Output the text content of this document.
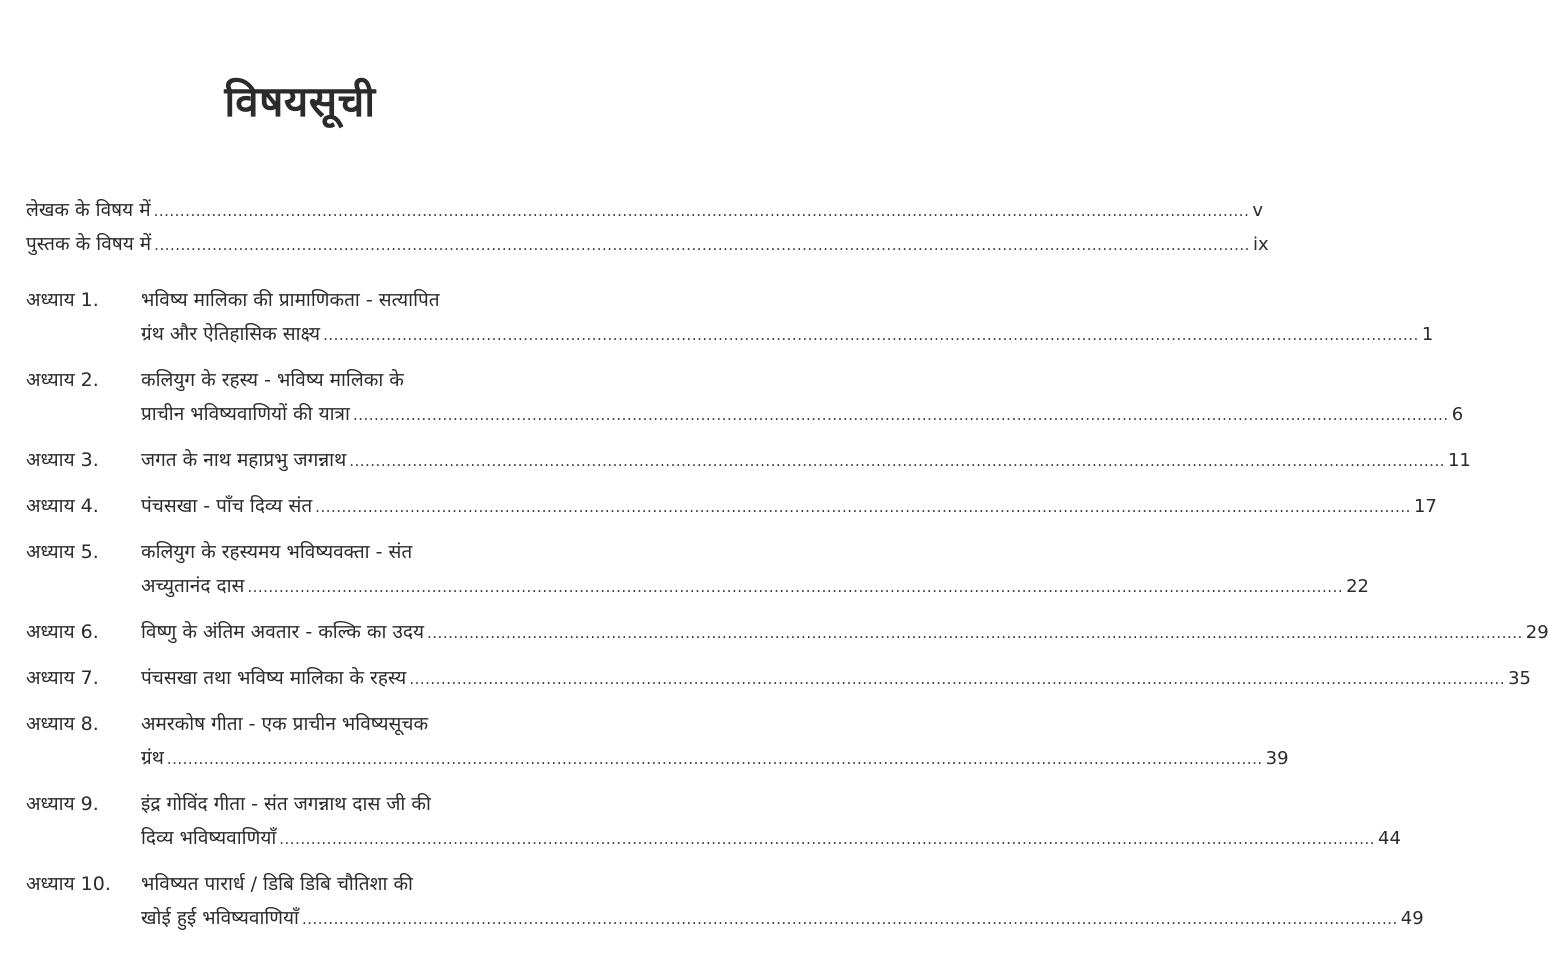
विषयसूची
लेखक के विषय में .....	v
पुस्तक के विषय में .....	ix
अध्याय 1.	भविष्य मालिका की प्रामाणिकता - सत्यापित
ग्रंथ और ऐतिहासिक साक्ष्य .....	1
अध्याय 2.	कलियुग के रहस्य - भविष्य मालिका के
प्राचीन भविष्यवाणियों की यात्रा .....	6
अध्याय 3.	जगत के नाथ महाप्रभु जगन्नाथ .....	11
अध्याय 4.	पंचसखा - पाँच दिव्य संत .....	17
अध्याय 5.	कलियुग के रहस्यमय भविष्यवक्ता - संत
अच्युतानंद दास .....	22
अध्याय 6.	विष्णु के अंतिम अवतार - कल्कि का उदय .....	29
अध्याय 7.	पंचसखा तथा भविष्य मालिका के रहस्य .....	35
अध्याय 8.	अमरकोष गीता - एक प्राचीन भविष्यसूचक
ग्रंथ .....	39
अध्याय 9.	इंद्र गोविंद गीता - संत जगन्नाथ दास जी की
दिव्य भविष्यवाणियाँ .....	44
अध्याय 10.	भविष्यत पारार्ध / डिबि डिबि चौतिशा की
खोई हुई भविष्यवाणियाँ .....	49
